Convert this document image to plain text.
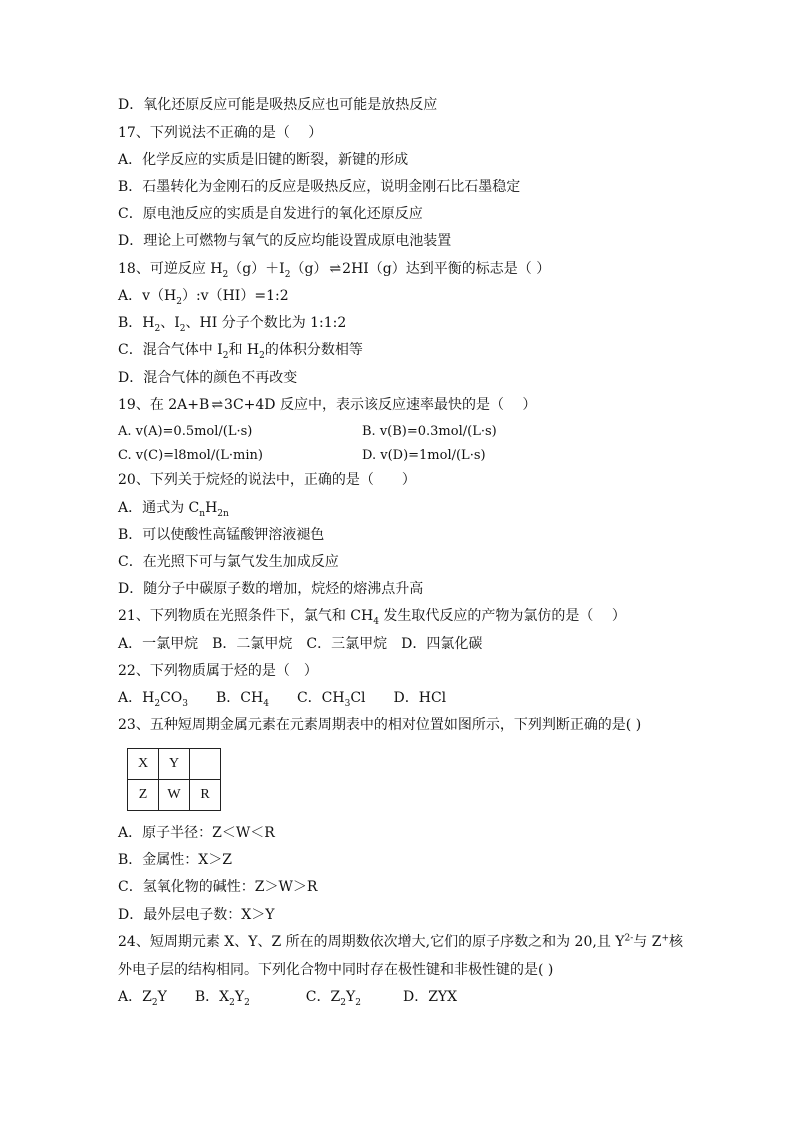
D．氧化还原反应可能是吸热反应也可能是放热反应
17、下列说法不正确的是（　 ）
A．化学反应的实质是旧键的断裂，新键的形成
B．石墨转化为金刚石的反应是吸热反应，说明金刚石比石墨稳定
C．原电池反应的实质是自发进行的氧化还原反应
D．理论上可燃物与氧气的反应均能设置成原电池装置
18、可逆反应 $H_2(g)+I_2(g)$ ⇌ 2HI（g）达到平衡的标志是（ ）
A．$v(H_2):v(HI)=1:2$
B．$H_2$、$I_2$、HI 分子个数比为 1:1:2
C．混合气体中 $I_2$和 $H_2$的体积分数相等
D．混合气体的颜色不再改变
19、在 2A+B ⇌ 3C+4D 反应中，表示该反应速率最快的是（　 ）
A. v(A)=0.5mol/(L·s)	B. v(B)=0.3mol/(L·s)
C. v(C)=l8mol/(L·min)	D. v(D)=1mol/(L·s)
20、下列关于烷烃的说法中，正确的是（　　）
A．通式为 $C_nH_{2n}$
B．可以使酸性高锰酸钾溶液褪色
C．在光照下可与氯气发生加成反应
D．随分子中碳原子数的增加，烷烃的熔沸点升高
21、下列物质在光照条件下，氯气和 $CH_4$ 发生取代反应的产物为氯仿的是（　 ）
A．一氯甲烷　B．二氯甲烷　C．三氯甲烷　D．四氯化碳
22、下列物质属于烃的是（　）
A．$H_2CO_3$　　B．$CH_4$　　C．$CH_3Cl$　　D．HCl
23、五种短周期金属元素在元素周期表中的相对位置如图所示，下列判断正确的是( )
X	Y	
Z	W	R
A．原子半径：Z＜W＜R
B．金属性：X＞Z
C．氢氧化物的碱性：Z＞W＞R
D．最外层电子数：X＞Y
24、短周期元素 X、Y、Z 所在的周期数依次增大,它们的原子序数之和为 20,且 $Y^{2-}$与 Z+核
外电子层的结构相同。下列化合物中同时存在极性键和非极性键的是( )
A．$Z_2Y$　　B．$X_2Y_2$　　　　C．$Z_2Y_2$　　　D．ZYX
